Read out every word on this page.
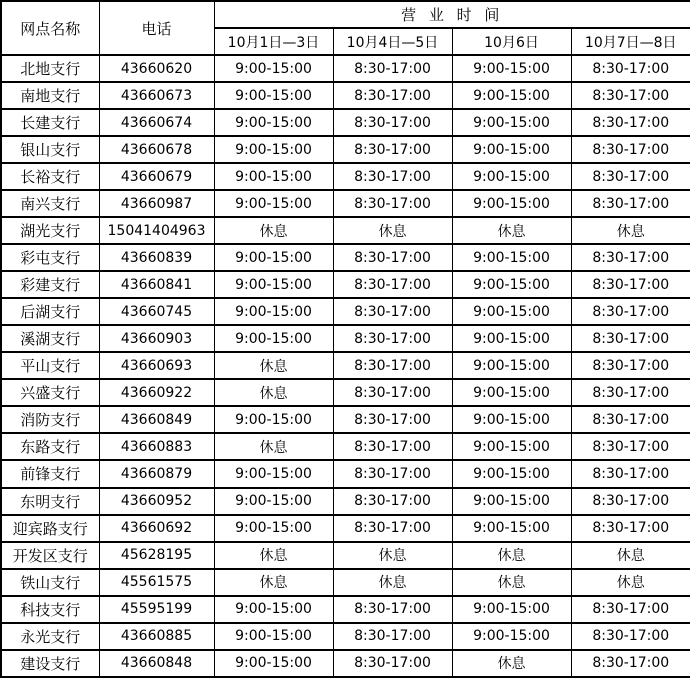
网点名称	电话	营 业 时 间			
		10月1日—3日	10月4日—5日	10月6日	10月7日—8日
北地支行	43660620	9:00-15:00	8:30-17:00	9:00-15:00	8:30-17:00
南地支行	43660673	9:00-15:00	8:30-17:00	9:00-15:00	8:30-17:00
长建支行	43660674	9:00-15:00	8:30-17:00	9:00-15:00	8:30-17:00
银山支行	43660678	9:00-15:00	8:30-17:00	9:00-15:00	8:30-17:00
长裕支行	43660679	9:00-15:00	8:30-17:00	9:00-15:00	8:30-17:00
南兴支行	43660987	9:00-15:00	8:30-17:00	9:00-15:00	8:30-17:00
湖光支行	15041404963	休息	休息	休息	休息
彩屯支行	43660839	9:00-15:00	8:30-17:00	9:00-15:00	8:30-17:00
彩建支行	43660841	9:00-15:00	8:30-17:00	9:00-15:00	8:30-17:00
后湖支行	43660745	9:00-15:00	8:30-17:00	9:00-15:00	8:30-17:00
溪湖支行	43660903	9:00-15:00	8:30-17:00	9:00-15:00	8:30-17:00
平山支行	43660693	休息	8:30-17:00	9:00-15:00	8:30-17:00
兴盛支行	43660922	休息	8:30-17:00	9:00-15:00	8:30-17:00
消防支行	43660849	9:00-15:00	8:30-17:00	9:00-15:00	8:30-17:00
东路支行	43660883	休息	8:30-17:00	9:00-15:00	8:30-17:00
前锋支行	43660879	9:00-15:00	8:30-17:00	9:00-15:00	8:30-17:00
东明支行	43660952	9:00-15:00	8:30-17:00	9:00-15:00	8:30-17:00
迎宾路支行	43660692	9:00-15:00	8:30-17:00	9:00-15:00	8:30-17:00
开发区支行	45628195	休息	休息	休息	休息
铁山支行	45561575	休息	休息	休息	休息
科技支行	45595199	9:00-15:00	8:30-17:00	9:00-15:00	8:30-17:00
永光支行	43660885	9:00-15:00	8:30-17:00	9:00-15:00	8:30-17:00
建设支行	43660848	9:00-15:00	8:30-17:00	休息	8:30-17:00
